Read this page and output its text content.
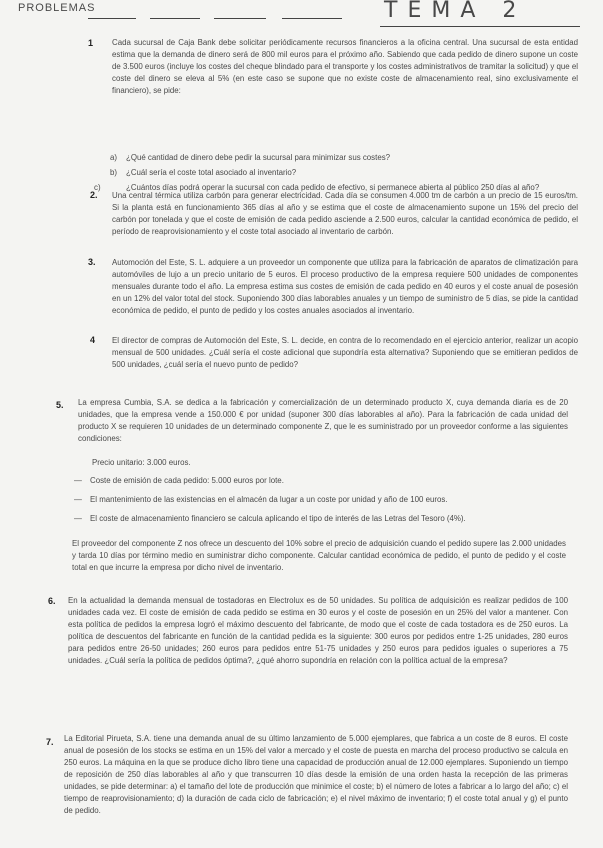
PROBLEMAS	TEMA 2
1 Cada sucursal de Caja Bank debe solicitar periódicamente recursos financieros a la oficina central. Una sucursal de esta entidad estima que la demanda de dinero será de 800 mil euros para el próximo año. Sabiendo que cada pedido de dinero supone un coste de 3.500 euros (incluye los costes del cheque blindado para el transporte y los costes administrativos de tramitar la solicitud) y que el coste del dinero se eleva al 5% (en este caso se supone que no existe coste de almacenamiento real, sino exclusivamente el financiero), se pide:
a) ¿Qué cantidad de dinero debe pedir la sucursal para minimizar sus costes?
b) ¿Cuál sería el coste total asociado al inventario?
c)	¿Cuántos días podrá operar la sucursal con cada pedido de efectivo, si permanece abierta al público 250 días al año?
2. Una central térmica utiliza carbón para generar electricidad. Cada día se consumen 4.000 tm de carbón a un precio de 15 euros/tm. Si la planta está en funcionamiento 365 días al año y se estima que el coste de almacenamiento supone un 15% del precio del carbón por tonelada y que el coste de emisión de cada pedido asciende a 2.500 euros, calcular la cantidad económica de pedido, el período de reaprovisionamiento y el coste total asociado al inventario de carbón.
3. Automoción del Este, S. L. adquiere a un proveedor un componente que utiliza para la fabricación de aparatos de climatización para automóviles de lujo a un precio unitario de 5 euros. El proceso productivo de la empresa requiere 500 unidades de componentes mensuales durante todo el año. La empresa estima sus costes de emisión de cada pedido en 40 euros y el coste anual de posesión en un 12% del valor total del stock. Suponiendo 300 días laborables anuales y un tiempo de suministro de 5 días, se pide la cantidad económica de pedido, el punto de pedido y los costes anuales asociados al inventario.
4 El director de compras de Automoción del Este, S. L. decide, en contra de lo recomendado en el ejercicio anterior, realizar un acopio mensual de 500 unidades. ¿Cuál sería el coste adicional que supondría esta alternativa? Suponiendo que se emitieran pedidos de 500 unidades, ¿cuál sería el nuevo punto de pedido?
5. La empresa Cumbia, S.A. se dedica a la fabricación y comercialización de un determinado producto X, cuya demanda diaria es de 20 unidades, que la empresa vende a 150.000 € por unidad (suponer 300 días laborables al año). Para la fabricación de cada unidad del producto X se requieren 10 unidades de un determinado componente Z, que le es suministrado por un proveedor conforme a las siguientes condiciones:
Precio unitario: 3.000 euros.
— Coste de emisión de cada pedido: 5.000 euros por lote.
— El mantenimiento de las existencias en el almacén da lugar a un coste por unidad y año de 100 euros.
— El coste de almacenamiento financiero se calcula aplicando el tipo de interés de las Letras del Tesoro (4%).
El proveedor del componente Z nos ofrece un descuento del 10% sobre el precio de adquisición cuando el pedido supere las 2.000 unidades y tarda 10 días por término medio en suministrar dicho componente. Calcular cantidad económica de pedido, el punto de pedido y el coste total en que incurre la empresa por dicho nivel de inventario.
6. En la actualidad la demanda mensual de tostadoras en Electrolux es de 50 unidades. Su política de adquisición es realizar pedidos de 100 unidades cada vez. El coste de emisión de cada pedido se estima en 30 euros y el coste de posesión en un 25% del valor a mantener. Con esta política de pedidos la empresa logró el máximo descuento del fabricante, de modo que el coste de cada tostadora es de 250 euros. La política de descuentos del fabricante en función de la cantidad pedida es la siguiente: 300 euros por pedidos entre 1-25 unidades, 280 euros para pedidos entre 26-50 unidades; 260 euros para pedidos entre 51-75 unidades y 250 euros para pedidos iguales o superiores a 75 unidades. ¿Cuál sería la política de pedidos óptima?, ¿qué ahorro supondría en relación con la política actual de la empresa?
7. La Editorial Pirueta, S.A. tiene una demanda anual de su último lanzamiento de 5.000 ejemplares, que fabrica a un coste de 8 euros. El coste anual de posesión de los stocks se estima en un 15% del valor a mercado y el coste de puesta en marcha del proceso productivo se calcula en 250 euros. La máquina en la que se produce dicho libro tiene una capacidad de producción anual de 12.000 ejemplares. Suponiendo un tiempo de reposición de 250 días laborables al año y que transcurren 10 días desde la emisión de una orden hasta la recepción de las primeras unidades, se pide determinar: a) el tamaño del lote de producción que minimice el coste; b) el número de lotes a fabricar a lo largo del año; c) el tiempo de reaprovisionamiento; d) la duración de cada ciclo de fabricación; e) el nivel máximo de inventario; f) el coste total anual y g) el punto de pedido.
